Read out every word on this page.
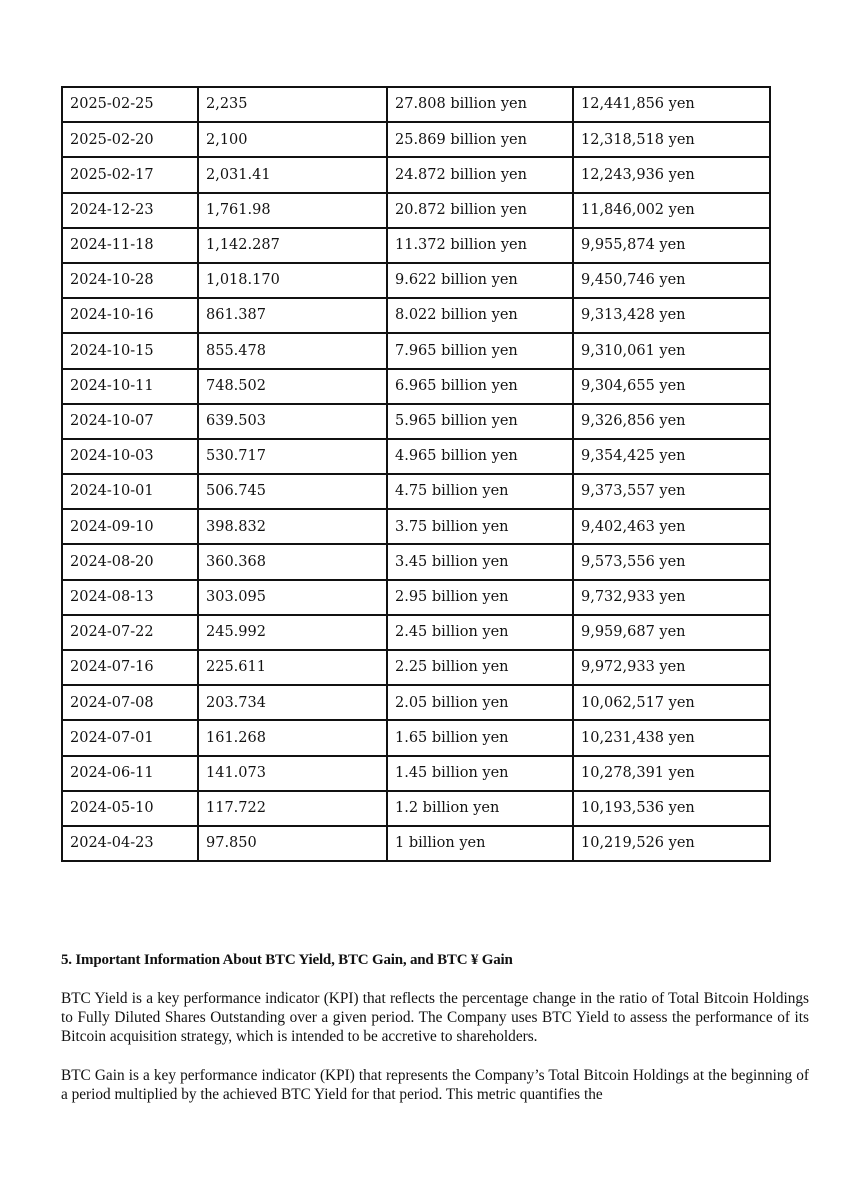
2025-02-25	2,235	27.808 billion yen	12,441,856 yen
2025-02-20	2,100	25.869 billion yen	12,318,518 yen
2025-02-17	2,031.41	24.872 billion yen	12,243,936 yen
2024-12-23	1,761.98	20.872 billion yen	11,846,002 yen
2024-11-18	1,142.287	11.372 billion yen	9,955,874 yen
2024-10-28	1,018.170	9.622 billion yen	9,450,746 yen
2024-10-16	861.387	8.022 billion yen	9,313,428 yen
2024-10-15	855.478	7.965 billion yen	9,310,061 yen
2024-10-11	748.502	6.965 billion yen	9,304,655 yen
2024-10-07	639.503	5.965 billion yen	9,326,856 yen
2024-10-03	530.717	4.965 billion yen	9,354,425 yen
2024-10-01	506.745	4.75 billion yen	9,373,557 yen
2024-09-10	398.832	3.75 billion yen	9,402,463 yen
2024-08-20	360.368	3.45 billion yen	9,573,556 yen
2024-08-13	303.095	2.95 billion yen	9,732,933 yen
2024-07-22	245.992	2.45 billion yen	9,959,687 yen
2024-07-16	225.611	2.25 billion yen	9,972,933 yen
2024-07-08	203.734	2.05 billion yen	10,062,517 yen
2024-07-01	161.268	1.65 billion yen	10,231,438 yen
2024-06-11	141.073	1.45 billion yen	10,278,391 yen
2024-05-10	117.722	1.2 billion yen	10,193,536 yen
2024-04-23	97.850	1 billion yen	10,219,526 yen
5. Important Information About BTC Yield, BTC Gain, and BTC ¥ Gain

BTC Yield is a key performance indicator (KPI) that reflects the percentage change in the ratio of Total Bitcoin Holdings to Fully Diluted Shares Outstanding over a given period. The Company uses BTC Yield to assess the performance of its Bitcoin acquisition strategy, which is intended to be accretive to shareholders.

BTC Gain is a key performance indicator (KPI) that represents the Company’s Total Bitcoin Holdings at the beginning of a period multiplied by the achieved BTC Yield for that period. This metric quantifies the
